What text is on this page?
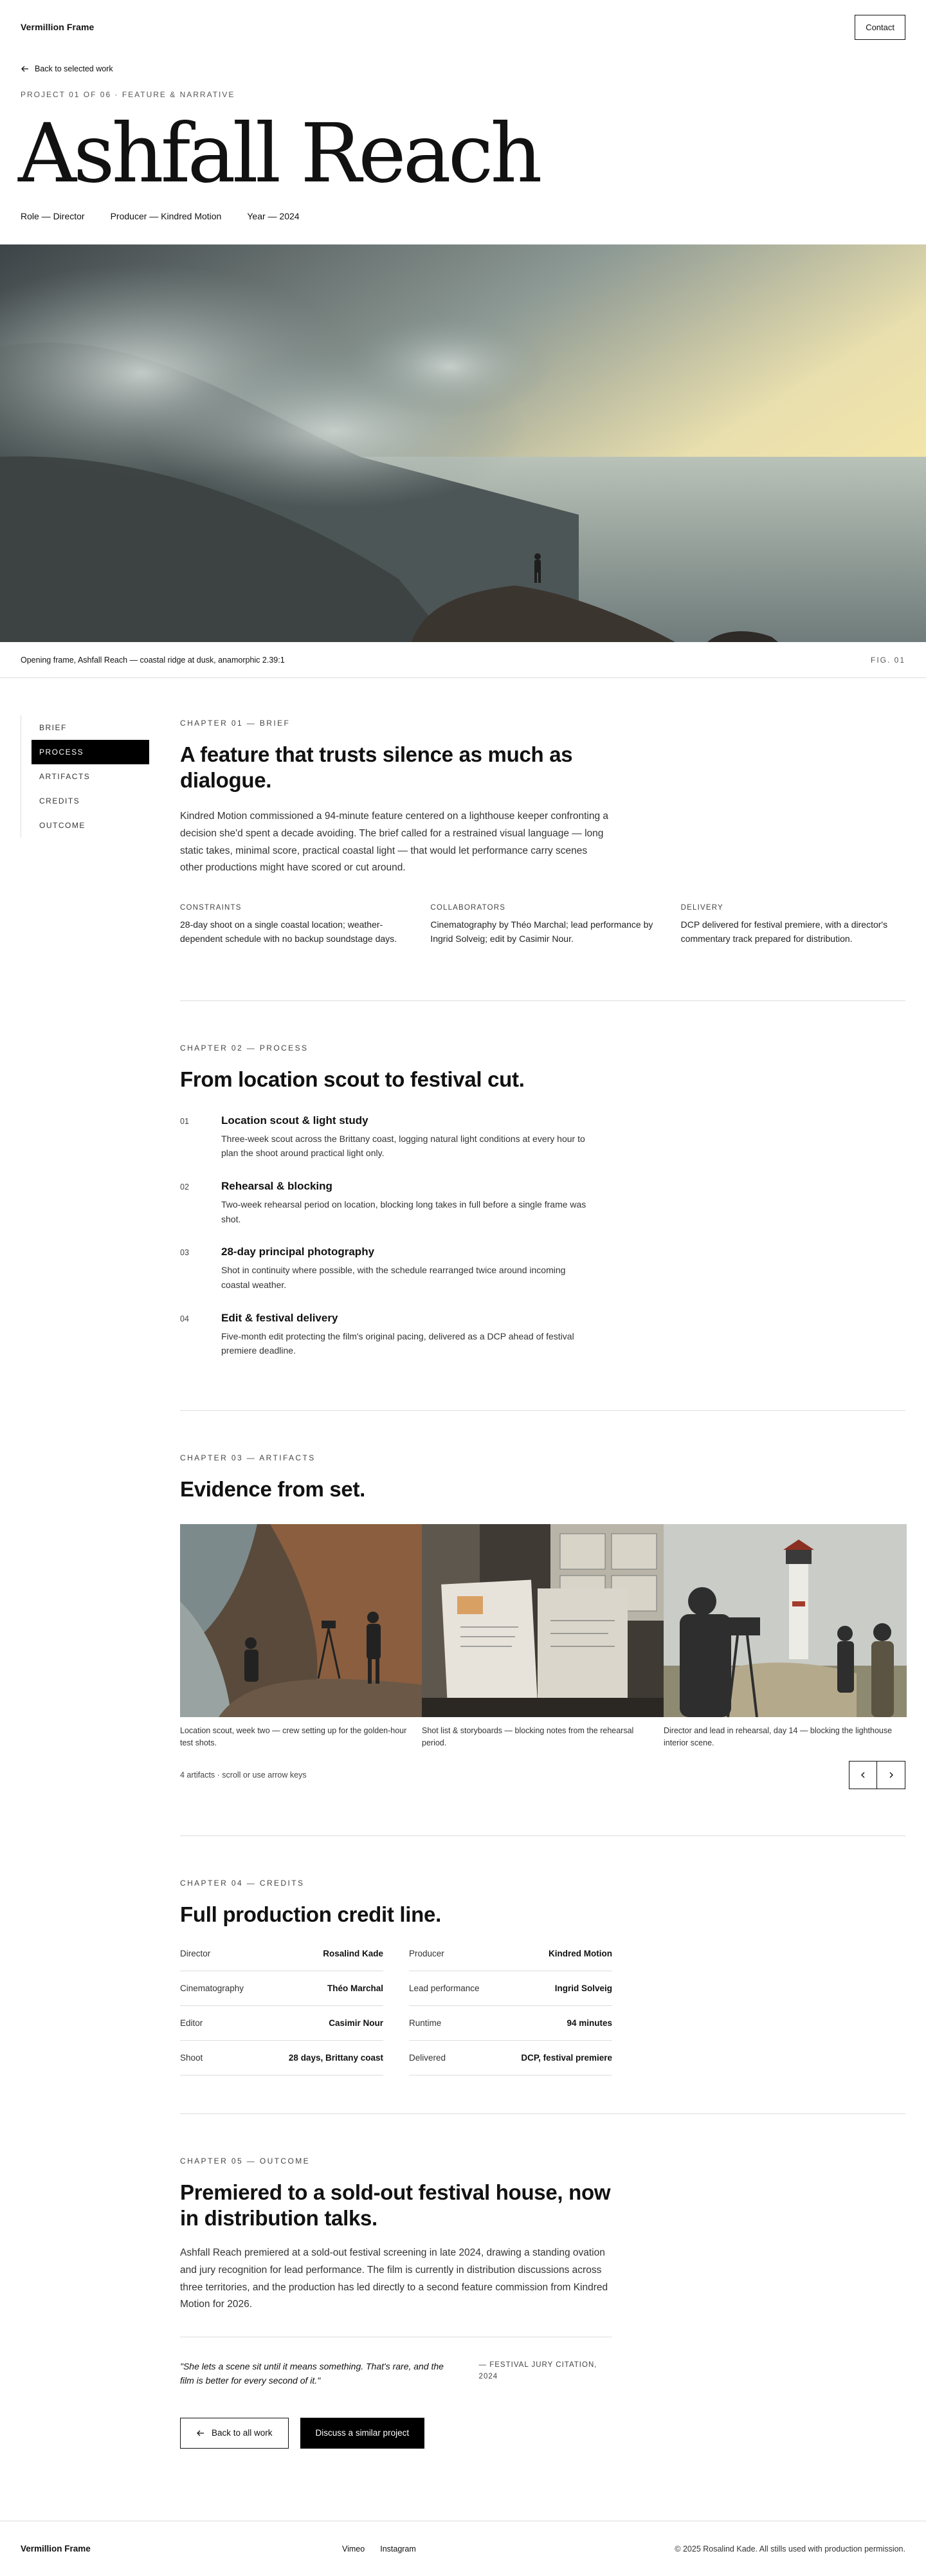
Vermillion Frame	Contact
Back to selected work
PROJECT 01 OF 06 · FEATURE & NARRATIVE
Ashfall Reach
Role — Director	Producer — Kindred Motion	Year — 2024
Opening frame, Ashfall Reach — coastal ridge at dusk, anamorphic 2.39:1	FIG. 01
BRIEF
PROCESS
ARTIFACTS
CREDITS
OUTCOME
CHAPTER 01 — BRIEF
A feature that trusts silence as much as dialogue.

Kindred Motion commissioned a 94-minute feature centered on a lighthouse keeper confronting a decision she'd spent a decade avoiding. The brief called for a restrained visual language — long static takes, minimal score, practical coastal light — that would let performance carry scenes other productions might have scored or cut around.

CONSTRAINTS
28-day shoot on a single coastal location; weather-dependent schedule with no backup soundstage days.
COLLABORATORS
Cinematography by Théo Marchal; lead performance by Ingrid Solveig; edit by Casimir Nour.
DELIVERY
DCP delivered for festival premiere, with a director's commentary track prepared for distribution.
CHAPTER 02 — PROCESS
From location scout to festival cut.
01	Location scout & light study
Three-week scout across the Brittany coast, logging natural light conditions at every hour to plan the shoot around practical light only.
02	Rehearsal & blocking
Two-week rehearsal period on location, blocking long takes in full before a single frame was shot.
03	28-day principal photography
Shot in continuity where possible, with the schedule rearranged twice around incoming coastal weather.
04	Edit & festival delivery
Five-month edit protecting the film's original pacing, delivered as a DCP ahead of festival premiere deadline.
CHAPTER 03 — ARTIFACTS
Evidence from set.
Location scout, week two — crew setting up for the golden-hour test shots.
Shot list & storyboards — blocking notes from the rehearsal period.
Director and lead in rehearsal, day 14 — blocking the lighthouse interior scene.
4 artifacts · scroll or use arrow keys
CHAPTER 04 — CREDITS
Full production credit line.
Director	Rosalind Kade
Cinematography	Théo Marchal
Editor	Casimir Nour
Shoot	28 days, Brittany coast
Producer	Kindred Motion
Lead performance	Ingrid Solveig
Runtime	94 minutes
Delivered	DCP, festival premiere
CHAPTER 05 — OUTCOME
Premiered to a sold-out festival house, now in distribution talks.

Ashfall Reach premiered at a sold-out festival screening in late 2024, drawing a standing ovation and jury recognition for lead performance. The film is currently in distribution discussions across three territories, and the production has led directly to a second feature commission from Kindred Motion for 2026.

"She lets a scene sit until it means something. That's rare, and the film is better for every second of it."
— FESTIVAL JURY CITATION, 2024
Back to all work	Discuss a similar project
Vermillion Frame	Vimeo Instagram	© 2025 Rosalind Kade. All stills used with production permission.
